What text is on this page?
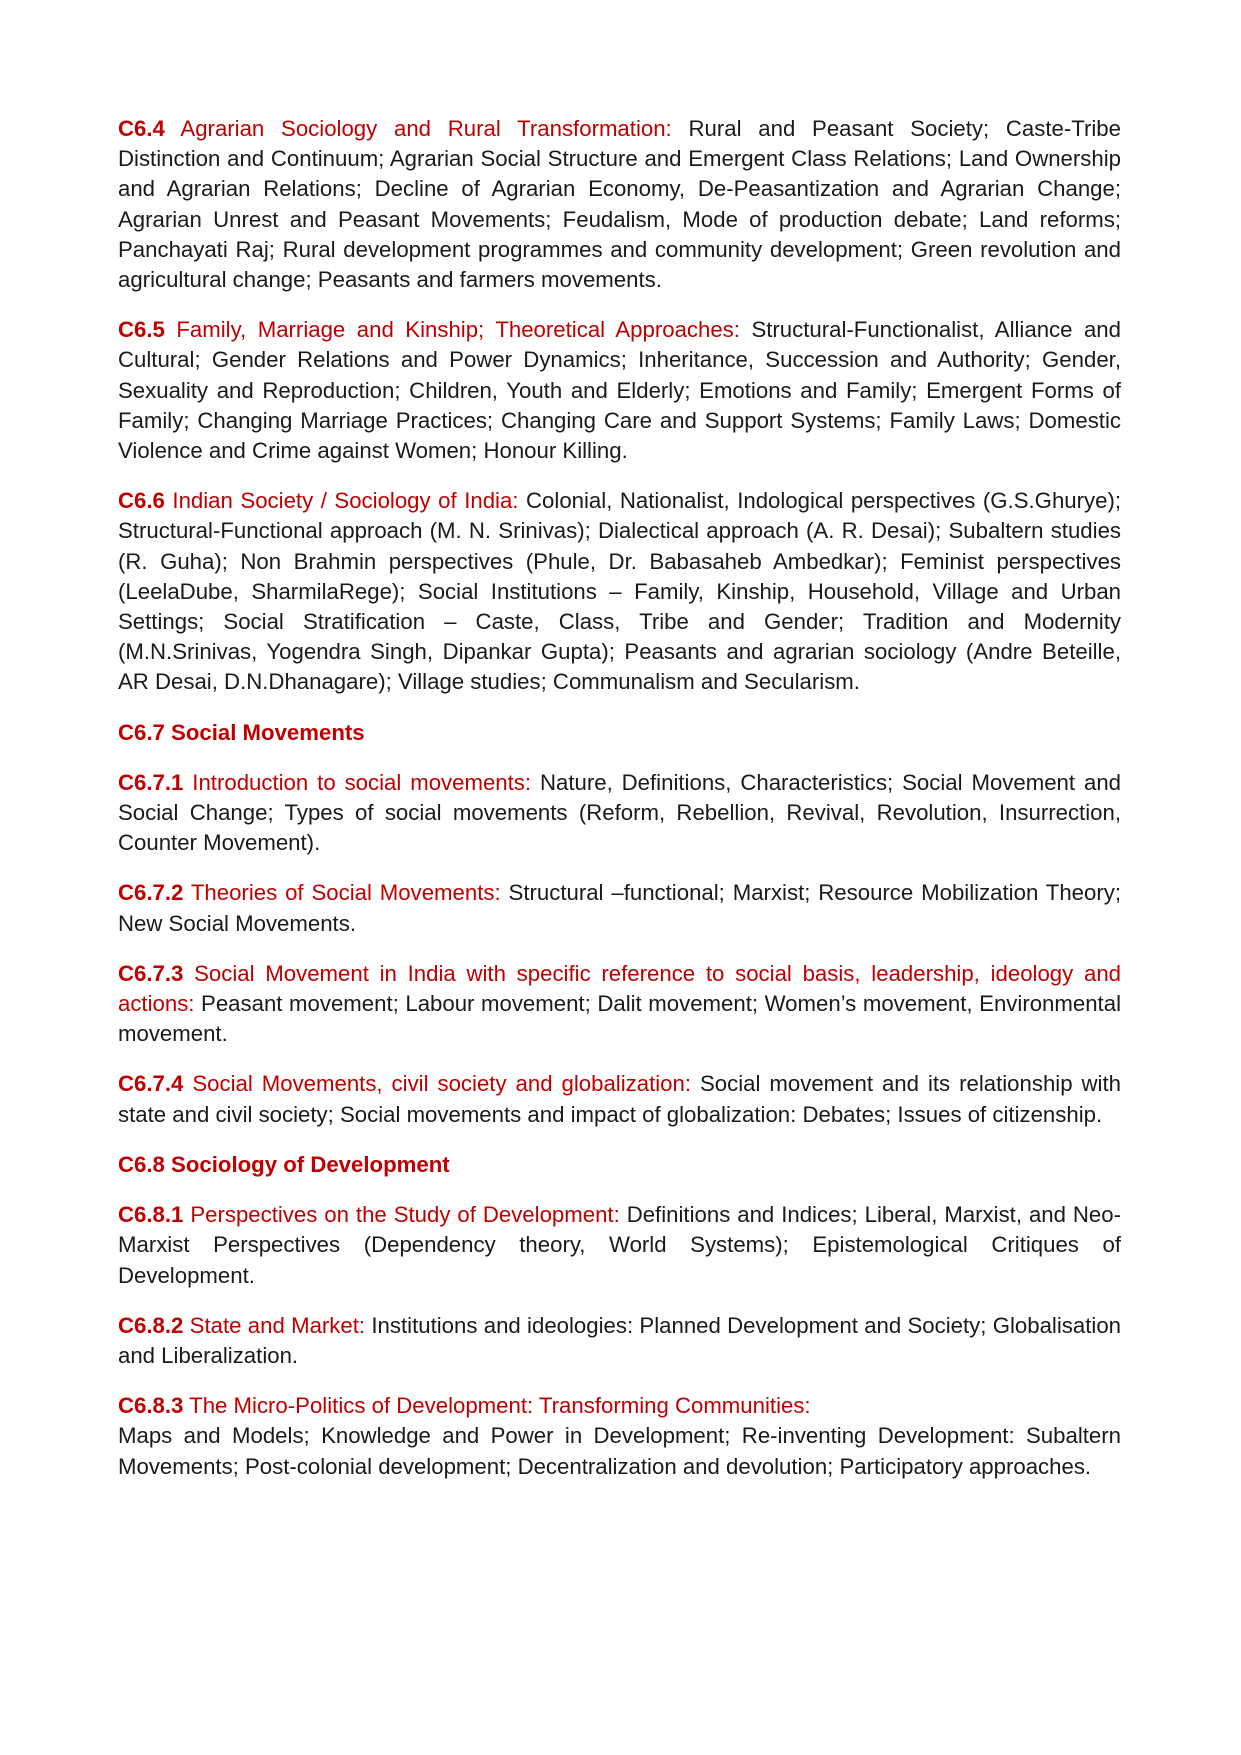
C6.4 Agrarian Sociology and Rural Transformation: Rural and Peasant Society; Caste-Tribe Distinction and Continuum; Agrarian Social Structure and Emergent Class Relations; Land Ownership and Agrarian Relations; Decline of Agrarian Economy, De-Peasantization and Agrarian Change; Agrarian Unrest and Peasant Movements; Feudalism, Mode of production debate; Land reforms; Panchayati Raj; Rural development programmes and community development; Green revolution and agricultural change; Peasants and farmers movements.

C6.5 Family, Marriage and Kinship; Theoretical Approaches: Structural-Functionalist, Alliance and Cultural; Gender Relations and Power Dynamics; Inheritance, Succession and Authority; Gender, Sexuality and Reproduction; Children, Youth and Elderly; Emotions and Family; Emergent Forms of Family; Changing Marriage Practices; Changing Care and Support Systems; Family Laws; Domestic Violence and Crime against Women; Honour Killing.

C6.6 Indian Society / Sociology of India: Colonial, Nationalist, Indological perspectives (G.S.Ghurye); Structural-Functional approach (M. N. Srinivas); Dialectical approach (A. R. Desai); Subaltern studies (R. Guha); Non Brahmin perspectives (Phule, Dr. Babasaheb Ambedkar); Feminist perspectives (LeelaDube, SharmilaRege); Social Institutions – Family, Kinship, Household, Village and Urban Settings; Social Stratification – Caste, Class, Tribe and Gender; Tradition and Modernity (M.N.Srinivas, Yogendra Singh, Dipankar Gupta); Peasants and agrarian sociology (Andre Beteille, AR Desai, D.N.Dhanagare); Village studies; Communalism and Secularism.

C6.7 Social Movements

C6.7.1 Introduction to social movements: Nature, Definitions, Characteristics; Social Movement and Social Change; Types of social movements (Reform, Rebellion, Revival, Revolution, Insurrection, Counter Movement).

C6.7.2 Theories of Social Movements: Structural –functional; Marxist; Resource Mobilization Theory; New Social Movements.

C6.7.3 Social Movement in India with specific reference to social basis, leadership, ideology and actions: Peasant movement; Labour movement; Dalit movement; Women’s movement, Environmental movement.

C6.7.4 Social Movements, civil society and globalization: Social movement and its relationship with state and civil society; Social movements and impact of globalization: Debates; Issues of citizenship.

C6.8 Sociology of Development

C6.8.1 Perspectives on the Study of Development: Definitions and Indices; Liberal, Marxist, and Neo-Marxist Perspectives (Dependency theory, World Systems); Epistemological Critiques of Development.

C6.8.2 State and Market: Institutions and ideologies: Planned Development and Society; Globalisation and Liberalization.

C6.8.3 The Micro-Politics of Development: Transforming Communities:
Maps and Models; Knowledge and Power in Development; Re-inventing Development: Subaltern Movements; Post-colonial development; Decentralization and devolution; Participatory approaches.
